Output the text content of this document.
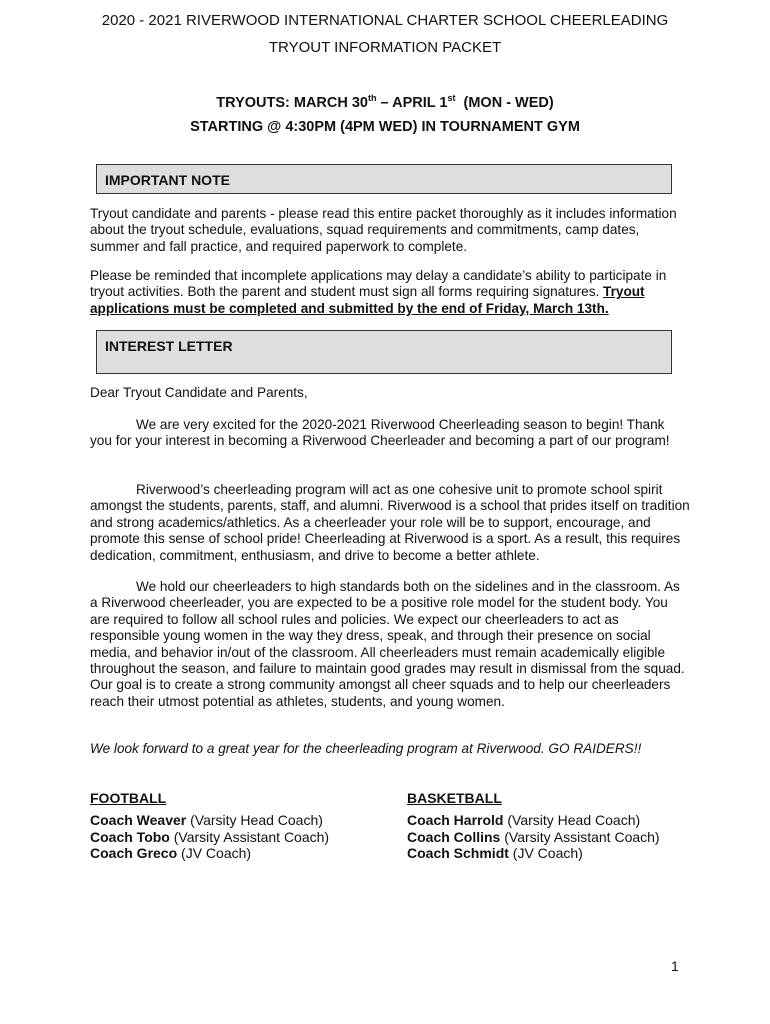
2020 - 2021 RIVERWOOD INTERNATIONAL CHARTER SCHOOL CHEERLEADING
TRYOUT INFORMATION PACKET
TRYOUTS: MARCH 30th – APRIL 1st  (MON - WED)
STARTING @ 4:30PM (4PM WED) IN TOURNAMENT GYM
IMPORTANT NOTE
Tryout candidate and parents - please read this entire packet thoroughly as it includes information about the tryout schedule, evaluations, squad requirements and commitments, camp dates, summer and fall practice, and required paperwork to complete.
Please be reminded that incomplete applications may delay a candidate’s ability to participate in tryout activities. Both the parent and student must sign all forms requiring signatures. Tryout applications must be completed and submitted by the end of Friday, March 13th.
INTEREST LETTER
Dear Tryout Candidate and Parents,
We are very excited for the 2020-2021 Riverwood Cheerleading season to begin! Thank you for your interest in becoming a Riverwood Cheerleader and becoming a part of our program!
Riverwood’s cheerleading program will act as one cohesive unit to promote school spirit amongst the students, parents, staff, and alumni. Riverwood is a school that prides itself on tradition and strong academics/athletics. As a cheerleader your role will be to support, encourage, and promote this sense of school pride! Cheerleading at Riverwood is a sport. As a result, this requires dedication, commitment, enthusiasm, and drive to become a better athlete.
We hold our cheerleaders to high standards both on the sidelines and in the classroom. As a Riverwood cheerleader, you are expected to be a positive role model for the student body. You are required to follow all school rules and policies. We expect our cheerleaders to act as responsible young women in the way they dress, speak, and through their presence on social media, and behavior in/out of the classroom. All cheerleaders must remain academically eligible throughout the season, and failure to maintain good grades may result in dismissal from the squad. Our goal is to create a strong community amongst all cheer squads and to help our cheerleaders reach their utmost potential as athletes, students, and young women.
We look forward to a great year for the cheerleading program at Riverwood. GO RAIDERS!!
FOOTBALL
Coach Weaver (Varsity Head Coach)
Coach Tobo (Varsity Assistant Coach)
Coach Greco (JV Coach)
BASKETBALL
Coach Harrold (Varsity Head Coach)
Coach Collins (Varsity Assistant Coach)
Coach Schmidt (JV Coach)
1
